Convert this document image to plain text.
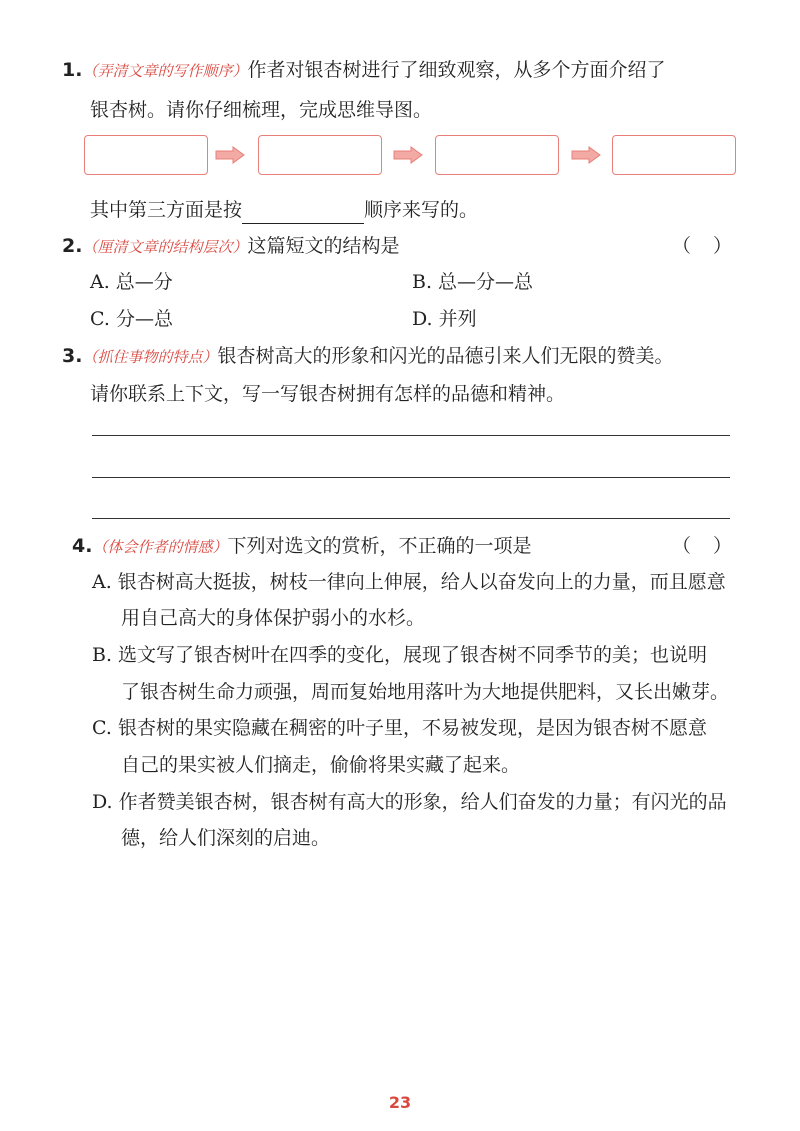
1.（弄清文章的写作顺序）作者对银杏树进行了细致观察，从多个方面介绍了
银杏树。请你仔细梳理，完成思维导图。
其中第三方面是按	顺序来写的。
2.（厘清文章的结构层次）这篇短文的结构是	（）
A. 总—分	B. 总—分—总
C. 分—总	D. 并列
3.（抓住事物的特点）银杏树高大的形象和闪光的品德引来人们无限的赞美。
请你联系上下文，写一写银杏树拥有怎样的品德和精神。
4.（体会作者的情感）下列对选文的赏析，不正确的一项是	（）
A. 银杏树高大挺拔，树枝一律向上伸展，给人以奋发向上的力量，而且愿意
用自己高大的身体保护弱小的水杉。
B. 选文写了银杏树叶在四季的变化，展现了银杏树不同季节的美；也说明
了银杏树生命力顽强，周而复始地用落叶为大地提供肥料，又长出嫩芽。
C. 银杏树的果实隐藏在稠密的叶子里，不易被发现，是因为银杏树不愿意
自己的果实被人们摘走，偷偷将果实藏了起来。
D. 作者赞美银杏树，银杏树有高大的形象，给人们奋发的力量；有闪光的品
德，给人们深刻的启迪。
23
